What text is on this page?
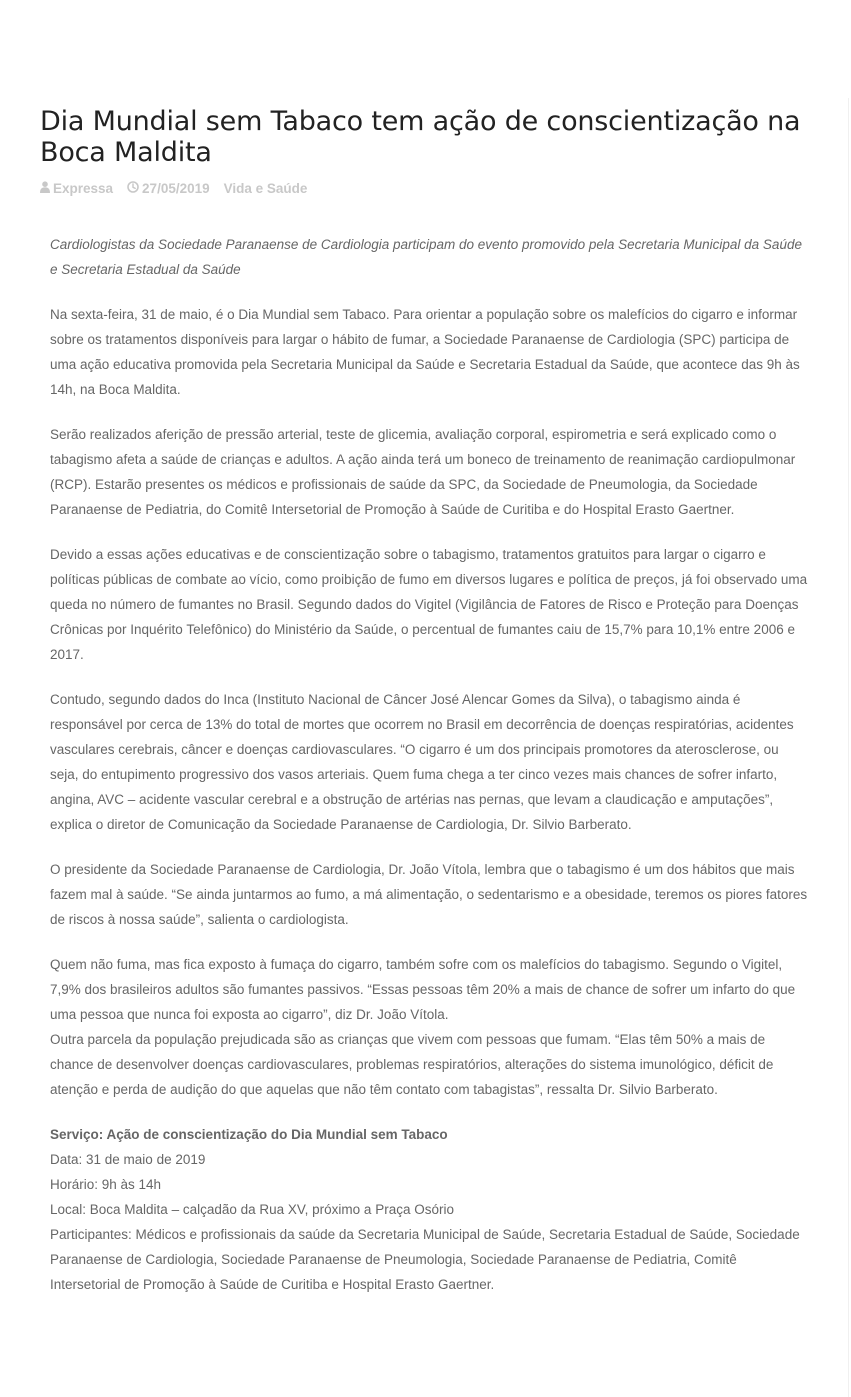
Dia Mundial sem Tabaco tem ação de conscientização na Boca Maldita
Expressa 27/05/2019 Vida e Saúde

Cardiologistas da Sociedade Paranaense de Cardiologia participam do evento promovido pela Secretaria Municipal da Saúde e Secretaria Estadual da Saúde

Na sexta-feira, 31 de maio, é o Dia Mundial sem Tabaco. Para orientar a população sobre os malefícios do cigarro e informar sobre os tratamentos disponíveis para largar o hábito de fumar, a Sociedade Paranaense de Cardiologia (SPC) participa de uma ação educativa promovida pela Secretaria Municipal da Saúde e Secretaria Estadual da Saúde, que acontece das 9h às 14h, na Boca Maldita.

Serão realizados aferição de pressão arterial, teste de glicemia, avaliação corporal, espirometria e será explicado como o tabagismo afeta a saúde de crianças e adultos. A ação ainda terá um boneco de treinamento de reanimação cardiopulmonar (RCP). Estarão presentes os médicos e profissionais de saúde da SPC, da Sociedade de Pneumologia, da Sociedade Paranaense de Pediatria, do Comitê Intersetorial de Promoção à Saúde de Curitiba e do Hospital Erasto Gaertner.

Devido a essas ações educativas e de conscientização sobre o tabagismo, tratamentos gratuitos para largar o cigarro e políticas públicas de combate ao vício, como proibição de fumo em diversos lugares e política de preços, já foi observado uma queda no número de fumantes no Brasil. Segundo dados do Vigitel (Vigilância de Fatores de Risco e Proteção para Doenças Crônicas por Inquérito Telefônico) do Ministério da Saúde, o percentual de fumantes caiu de 15,7% para 10,1% entre 2006 e 2017.

Contudo, segundo dados do Inca (Instituto Nacional de Câncer José Alencar Gomes da Silva), o tabagismo ainda é responsável por cerca de 13% do total de mortes que ocorrem no Brasil em decorrência de doenças respiratórias, acidentes vasculares cerebrais, câncer e doenças cardiovasculares. “O cigarro é um dos principais promotores da aterosclerose, ou seja, do entupimento progressivo dos vasos arteriais. Quem fuma chega a ter cinco vezes mais chances de sofrer infarto, angina, AVC – acidente vascular cerebral e a obstrução de artérias nas pernas, que levam a claudicação e amputações”, explica o diretor de Comunicação da Sociedade Paranaense de Cardiologia, Dr. Silvio Barberato.

O presidente da Sociedade Paranaense de Cardiologia, Dr. João Vítola, lembra que o tabagismo é um dos hábitos que mais fazem mal à saúde. “Se ainda juntarmos ao fumo, a má alimentação, o sedentarismo e a obesidade, teremos os piores fatores de riscos à nossa saúde”, salienta o cardiologista.

Quem não fuma, mas fica exposto à fumaça do cigarro, também sofre com os malefícios do tabagismo. Segundo o Vigitel, 7,9% dos brasileiros adultos são fumantes passivos. “Essas pessoas têm 20% a mais de chance de sofrer um infarto do que uma pessoa que nunca foi exposta ao cigarro”, diz Dr. João Vítola.

Outra parcela da população prejudicada são as crianças que vivem com pessoas que fumam. “Elas têm 50% a mais de chance de desenvolver doenças cardiovasculares, problemas respiratórios, alterações do sistema imunológico, déficit de atenção e perda de audição do que aquelas que não têm contato com tabagistas”, ressalta Dr. Silvio Barberato.

Serviço: Ação de conscientização do Dia Mundial sem Tabaco
Data: 31 de maio de 2019
Horário: 9h às 14h
Local: Boca Maldita – calçadão da Rua XV, próximo a Praça Osório
Participantes: Médicos e profissionais da saúde da Secretaria Municipal de Saúde, Secretaria Estadual de Saúde, Sociedade Paranaense de Cardiologia, Sociedade Paranaense de Pneumologia, Sociedade Paranaense de Pediatria, Comitê Intersetorial de Promoção à Saúde de Curitiba e Hospital Erasto Gaertner.
